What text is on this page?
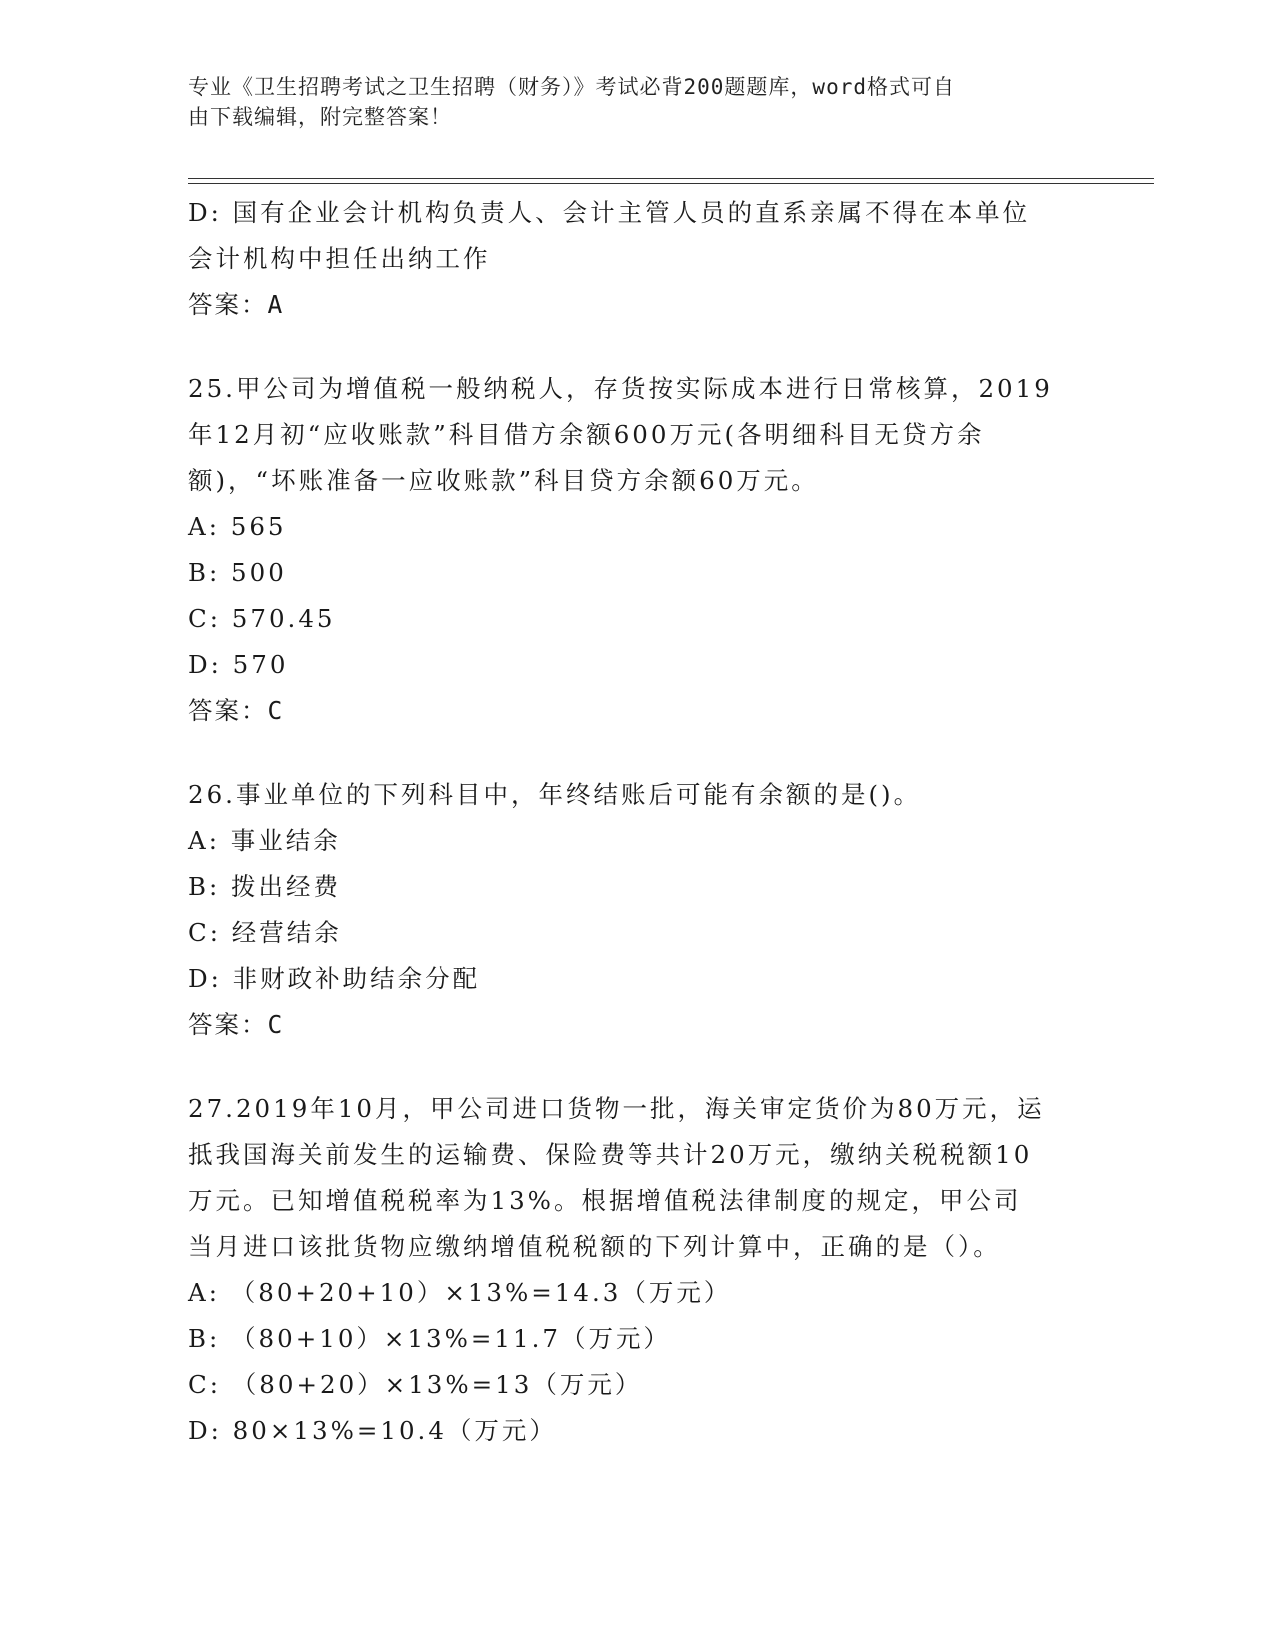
专业《卫生招聘考试之卫生招聘（财务）》考试必背200题题库，word格式可自
由下载编辑，附完整答案！
D: 国有企业会计机构负责人、会计主管人员的直系亲属不得在本单位
会计机构中担任出纳工作
答案：A
25.甲公司为增值税一般纳税人，存货按实际成本进行日常核算，2019
年12月初“应收账款”科目借方余额600万元(各明细科目无贷方余
额)，“坏账准备一应收账款”科目贷方余额60万元。
A: 565
B: 500
C: 570.45
D: 570
答案：C
26.事业单位的下列科目中，年终结账后可能有余额的是()。
A: 事业结余
B: 拨出经费
C: 经营结余
D: 非财政补助结余分配
答案：C
27.2019年10月，甲公司进口货物一批，海关审定货价为80万元，运
抵我国海关前发生的运输费、保险费等共计20万元，缴纳关税税额10
万元。已知增值税税率为13%。根据增值税法律制度的规定，甲公司
当月进口该批货物应缴纳增值税税额的下列计算中，正确的是（）。
A: （80+20+10）×13%=14.3（万元）
B: （80+10）×13%=11.7（万元）
C: （80+20）×13%=13（万元）
D: 80×13%=10.4（万元）
